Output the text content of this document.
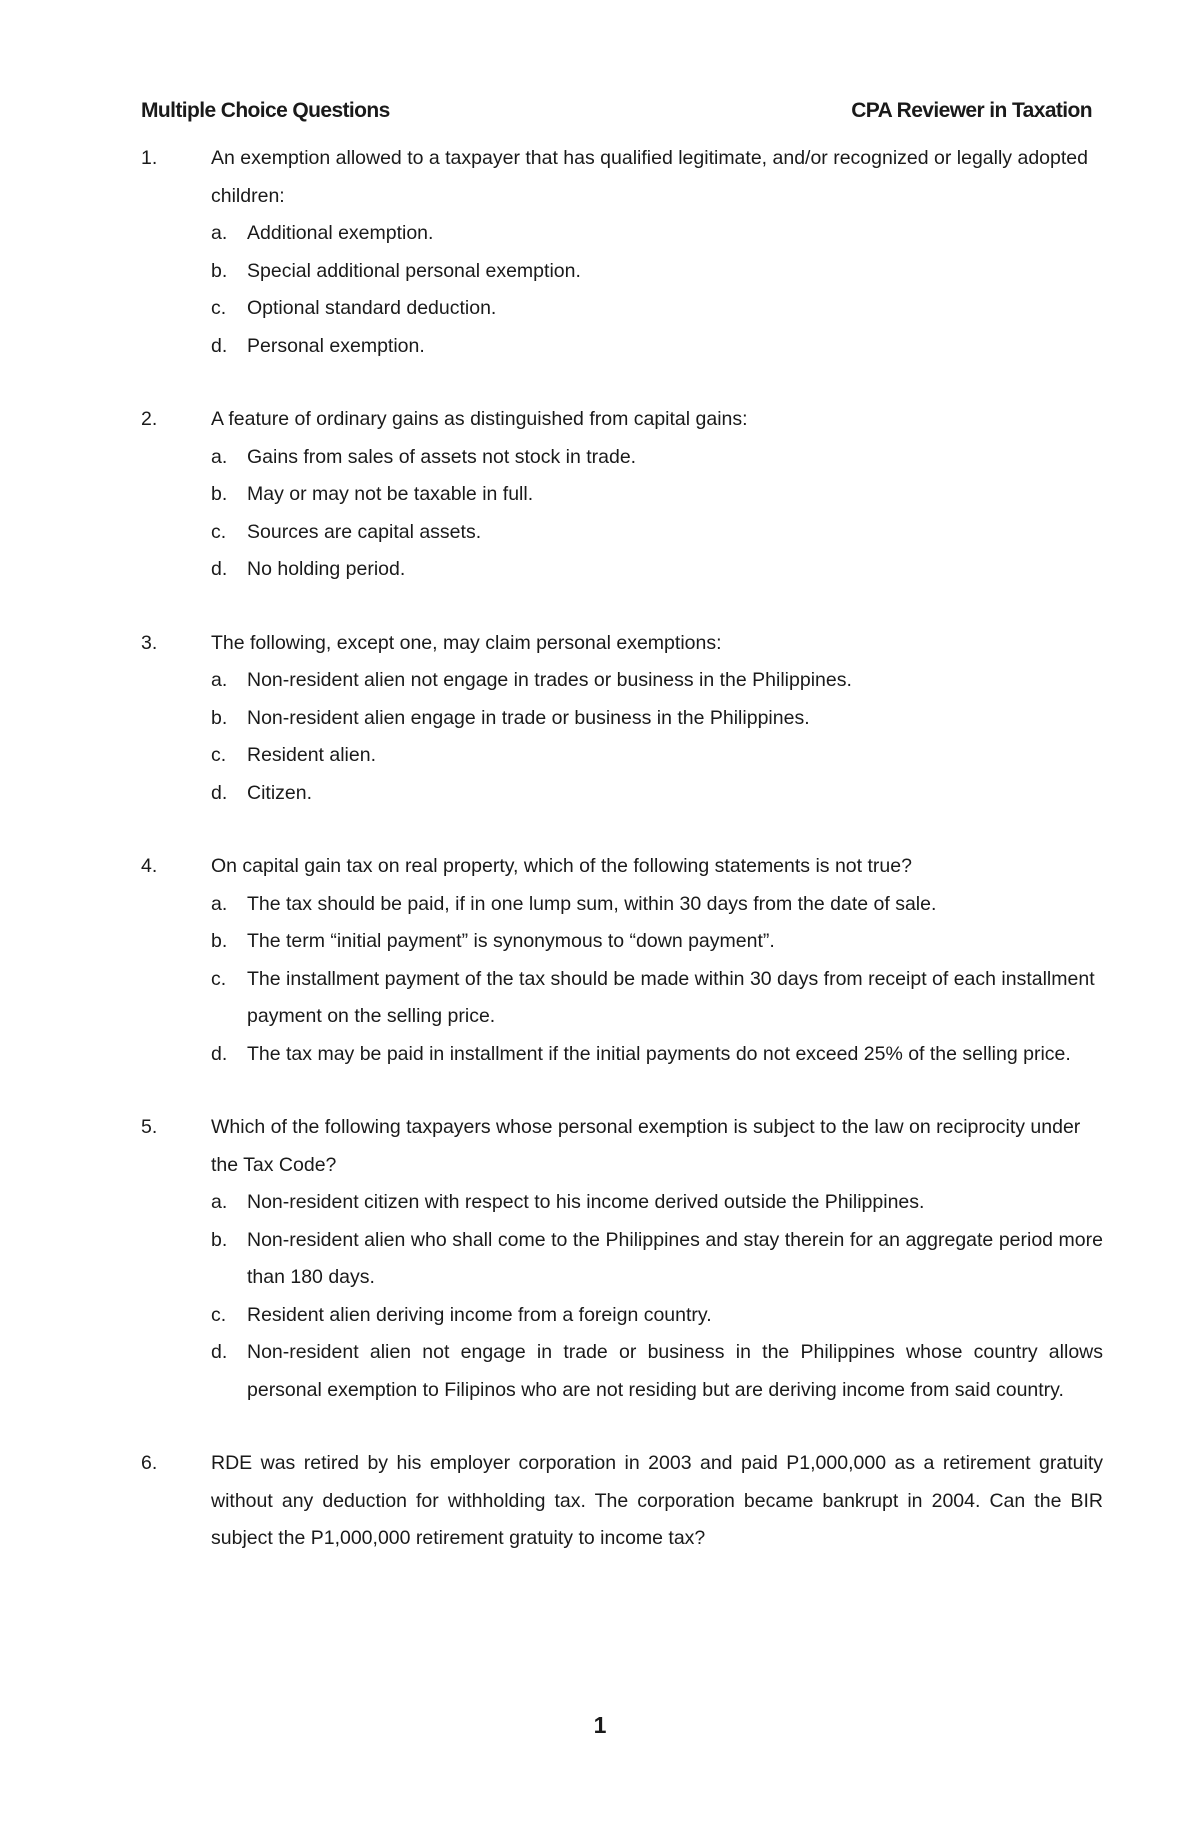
Multiple Choice Questions	CPA Reviewer in Taxation
1.	An exemption allowed to a taxpayer that has qualified legitimate, and/or recognized or legally adopted children:
a.	Additional exemption.
b.	Special additional personal exemption.
c.	Optional standard deduction.
d.	Personal exemption.
2.	A feature of ordinary gains as distinguished from capital gains:
a.	Gains from sales of assets not stock in trade.
b.	May or may not be taxable in full.
c.	Sources are capital assets.
d.	No holding period.
3.	The following, except one, may claim personal exemptions:
a.	Non-resident alien not engage in trades or business in the Philippines.
b.	Non-resident alien engage in trade or business in the Philippines.
c.	Resident alien.
d.	Citizen.
4.	On capital gain tax on real property, which of the following statements is not true?
a.	The tax should be paid, if in one lump sum, within 30 days from the date of sale.
b.	The term “initial payment” is synonymous to “down payment”.
c.	The installment payment of the tax should be made within 30 days from receipt of each installment payment on the selling price.
d.	The tax may be paid in installment if the initial payments do not exceed 25% of the selling price.
5.	Which of the following taxpayers whose personal exemption is subject to the law on reciprocity under the Tax Code?
a.	Non-resident citizen with respect to his income derived outside the Philippines.
b.	Non-resident alien who shall come to the Philippines and stay therein for an aggregate period more than 180 days.
c.	Resident alien deriving income from a foreign country.
d.	Non-resident alien not engage in trade or business in the Philippines whose country allows personal exemption to Filipinos who are not residing but are deriving income from said country.
6.	RDE was retired by his employer corporation in 2003 and paid P1,000,000 as a retirement gratuity without any deduction for withholding tax. The corporation became bankrupt in 2004. Can the BIR subject the P1,000,000 retirement gratuity to income tax?
1
